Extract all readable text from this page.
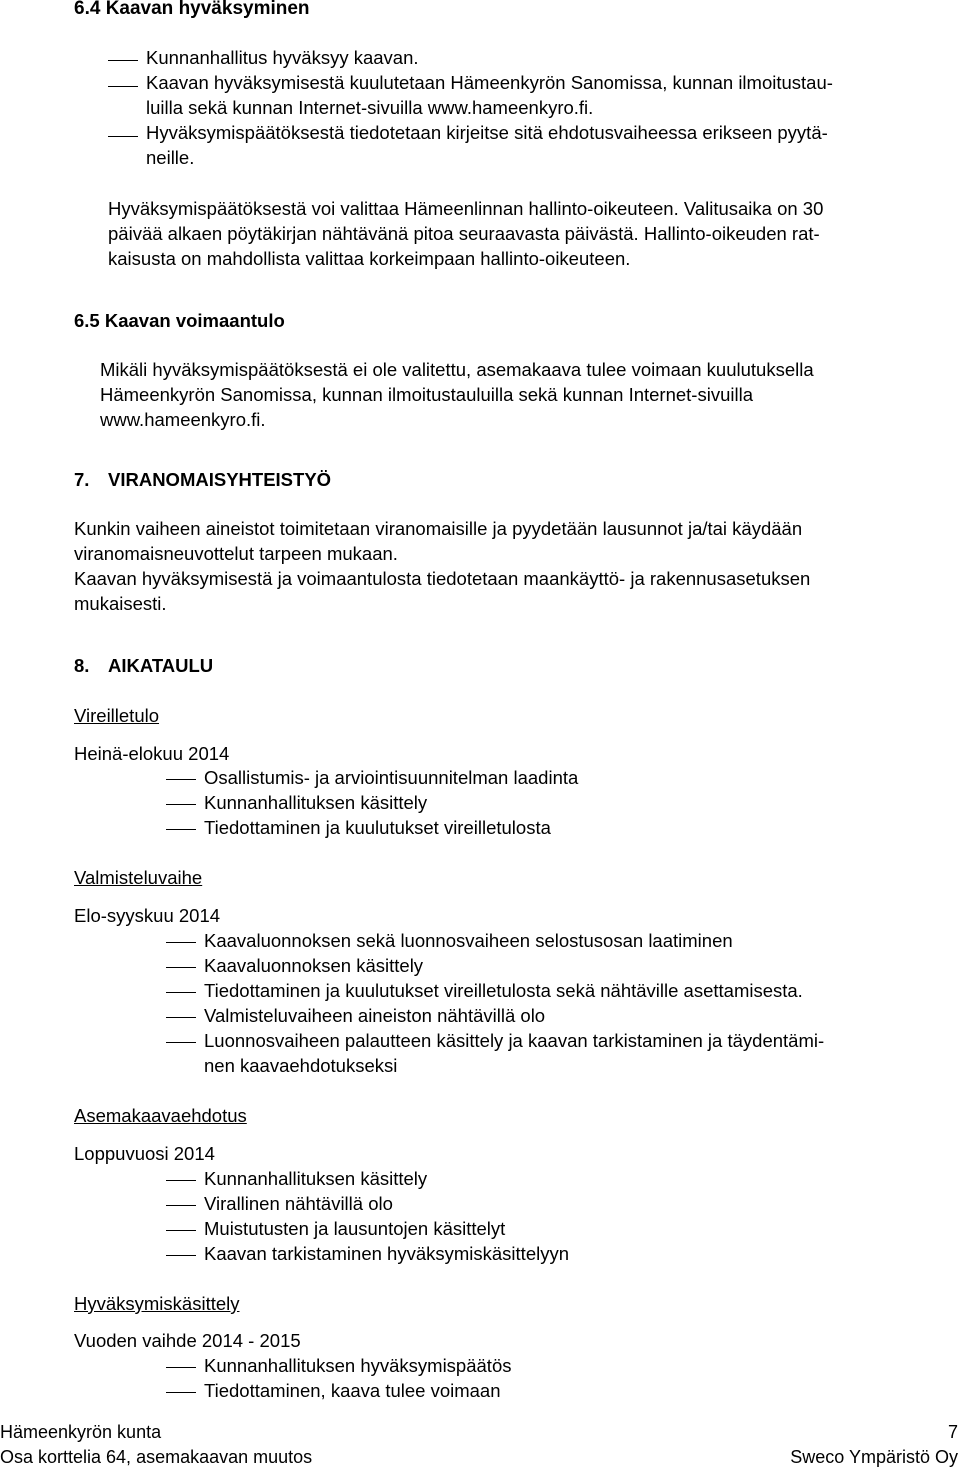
6.4 Kaavan hyväksyminen
Kunnanhallitus hyväksyy kaavan.
Kaavan hyväksymisestä kuulutetaan Hämeenkyrön Sanomissa, kunnan ilmoitustau-
luilla sekä kunnan Internet-sivuilla www.hameenkyro.fi.
Hyväksymispäätöksestä tiedotetaan kirjeitse sitä ehdotusvaiheessa erikseen pyytä-
neille.
Hyväksymispäätöksestä voi valittaa Hämeenlinnan hallinto-oikeuteen. Valitusaika on 30
päivää alkaen pöytäkirjan nähtävänä pitoa seuraavasta päivästä. Hallinto-oikeuden rat-
kaisusta on mahdollista valittaa korkeimpaan hallinto-oikeuteen.
6.5 Kaavan voimaantulo
Mikäli hyväksymispäätöksestä ei ole valitettu, asemakaava tulee voimaan kuulutuksella
Hämeenkyrön Sanomissa, kunnan ilmoitustauluilla sekä kunnan Internet-sivuilla
www.hameenkyro.fi.
7. VIRANOMAISYHTEISTYÖ
Kunkin vaiheen aineistot toimitetaan viranomaisille ja pyydetään lausunnot ja/tai käydään
viranomaisneuvottelut tarpeen mukaan.
Kaavan hyväksymisestä ja voimaantulosta tiedotetaan maankäyttö- ja rakennusasetuksen
mukaisesti.
8. AIKATAULU
Vireilletulo
Heinä-elokuu 2014
Osallistumis- ja arviointisuunnitelman laadinta
Kunnanhallituksen käsittely
Tiedottaminen ja kuulutukset vireilletulosta
Valmisteluvaihe
Elo-syyskuu 2014
Kaavaluonnoksen sekä luonnosvaiheen selostusosan laatiminen
Kaavaluonnoksen käsittely
Tiedottaminen ja kuulutukset vireilletulosta sekä nähtäville asettamisesta.
Valmisteluvaiheen aineiston nähtävillä olo
Luonnosvaiheen palautteen käsittely ja kaavan tarkistaminen ja täydentämi-
nen kaavaehdotukseksi
Asemakaavaehdotus
Loppuvuosi 2014
Kunnanhallituksen käsittely
Virallinen nähtävillä olo
Muistutusten ja lausuntojen käsittelyt
Kaavan tarkistaminen hyväksymiskäsittelyyn
Hyväksymiskäsittely
Vuoden vaihde 2014 - 2015
Kunnanhallituksen hyväksymispäätös
Tiedottaminen, kaava tulee voimaan
Hämeenkyrön kunta
Osa korttelia 64, asemakaavan muutos
7
Sweco Ympäristö Oy
